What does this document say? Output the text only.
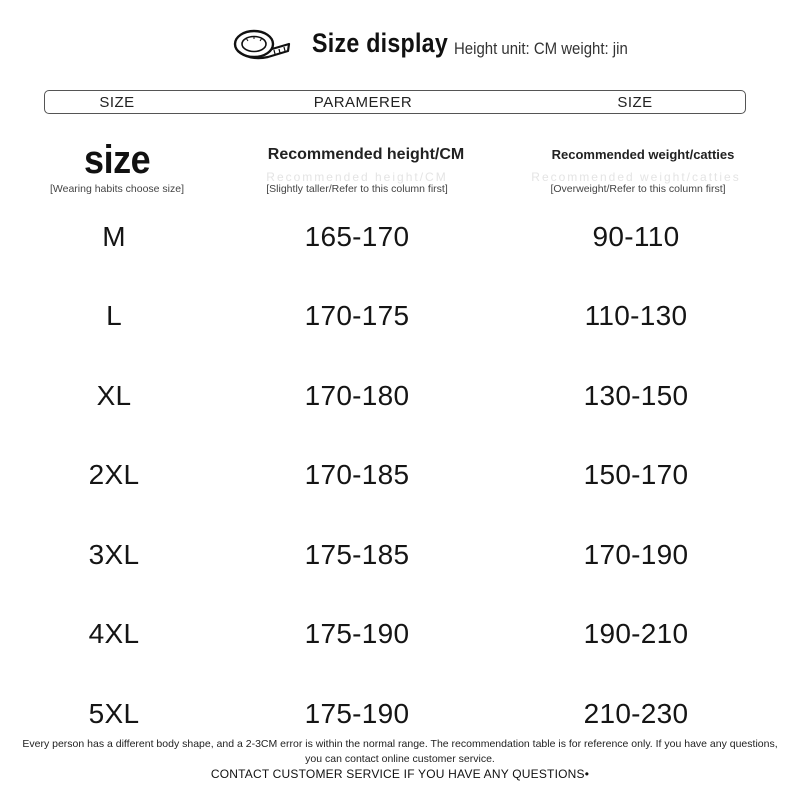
Size display Height unit: CM weight: jin
SIZE	PARAMERER	SIZE
size
[Wearing habits choose size]
Recommended height/CM
Recommended height/CM
[Slightly taller/Refer to this column first]
Recommended weight/catties
Recommended weight/catties
[Overweight/Refer to this column first]
M	165-170	90-110
L	170-175	110-130
XL	170-180	130-150
2XL	170-185	150-170
3XL	175-185	170-190
4XL	175-190	190-210
5XL	175-190	210-230
Every person has a different body shape, and a 2-3CM error is within the normal range. The recommendation table is for reference only. If you have any questions, you can contact online customer service.
CONTACT CUSTOMER SERVICE IF YOU HAVE ANY QUESTIONS•
